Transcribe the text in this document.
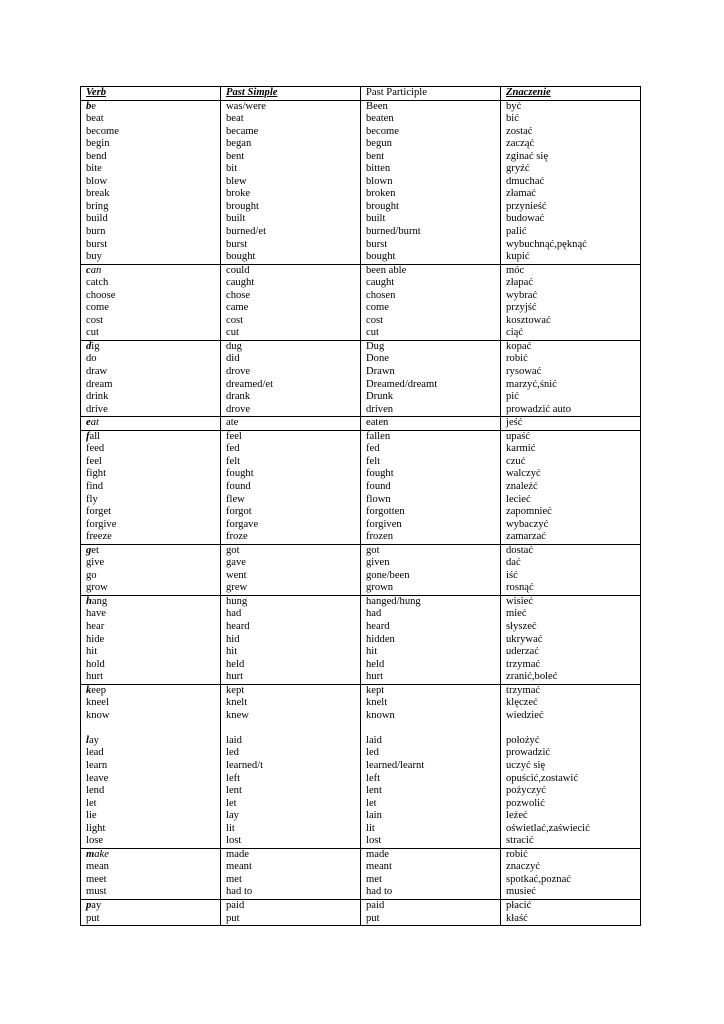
Verb	Past Simple	Past Participle	Znaczenie
be	was/were	Been	być
beat	beat	beaten	bić
become	became	become	zostać
begin	began	begun	zacząć
bend	bent	bent	zginać się
bite	bit	bitten	gryźć
blow	blew	blown	dmuchać
break	broke	broken	złamać
bring	brought	brought	przynieść
build	built	built	budować
burn	burned/et	burned/burnt	palić
burst	burst	burst	wybuchnąć,pęknąć
buy	bought	bought	kupić
can	could	been able	móc
catch	caught	caught	złapać
choose	chose	chosen	wybrać
come	came	come	przyjść
cost	cost	cost	kosztować
cut	cut	cut	ciąć
dig	dug	Dug	kopać
do	did	Done	robić
draw	drove	Drawn	rysować
dream	dreamed/et	Dreamed/dreamt	marzyć,śnić
drink	drank	Drunk	pić
drive	drove	driven	prowadzić auto
eat	ate	eaten	jeść
fall	feel	fallen	upaść
feed	fed	fed	karmić
feel	felt	felt	czuć
fight	fought	fought	walczyć
find	found	found	znaleźć
fly	flew	flown	lecieć
forget	forgot	forgotten	zapomnieć
forgive	forgave	forgiven	wybaczyć
freeze	froze	frozen	zamarzać
get	got	got	dostać
give	gave	given	dać
go	went	gone/been	iść
grow	grew	grown	rosnąć
hang	hung	hanged/hung	wisieć
have	had	had	mieć
hear	heard	heard	słyszeć
hide	hid	hidden	ukrywać
hit	hit	hit	uderzać
hold	held	held	trzymać
hurt	hurt	hurt	zranić,boleć
keep	kept	kept	trzymać
kneel	knelt	knelt	klęczeć
know	knew	known	wiedzieć

lay	laid	laid	położyć
lead	led	led	prowadzić
learn	learned/t	learned/learnt	uczyć się
leave	left	left	opuścić,zostawić
lend	lent	lent	pożyczyć
let	let	let	pozwolić
lie	lay	lain	leżeć
light	lit	lit	oświetlać,zaświecić
lose	lost	lost	stracić
make	made	made	robić
mean	meant	meant	znaczyć
meet	met	met	spotkać,poznać
must	had to	had to	musieć
pay	paid	paid	płacić
put	put	put	kłaść
